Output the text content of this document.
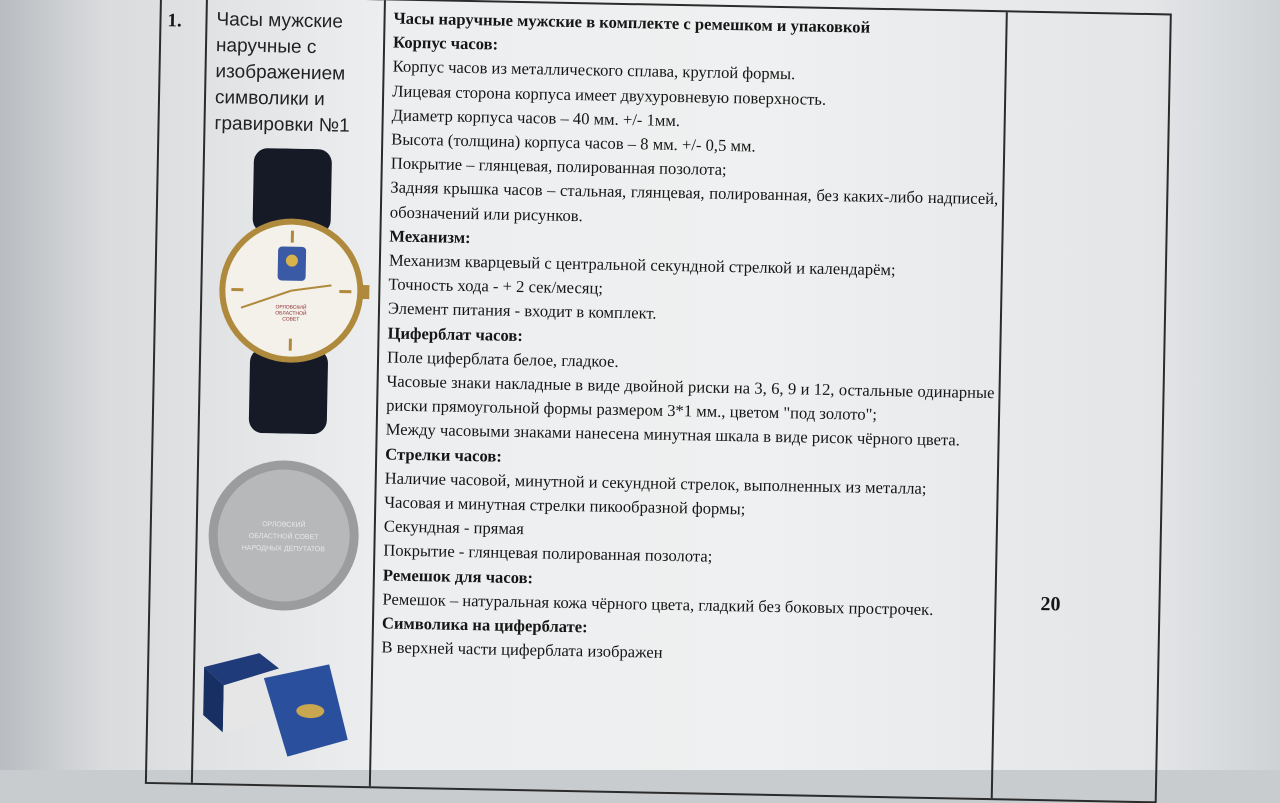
1.	Часы мужские наручные с изображением символики и гравировки №1
ОРЛОВСКИЙ
ОБЛАСТНОЙ
СОВЕТ
ОРЛОВСКИЙ
ОБЛАСТНОЙ СОВЕТ
НАРОДНЫХ ДЕПУТАТОВ
Часы наручные мужские в комплекте с ремешком и упаковкой
Корпус часов:
Корпус часов из металлического сплава, круглой формы.
Лицевая сторона корпуса имеет двухуровневую поверхность.
Диаметр корпуса часов – 40 мм. +/- 1мм.
Высота (толщина) корпуса часов – 8 мм. +/- 0,5 мм.
Покрытие – глянцевая, полированная позолота;
Задняя крышка часов – стальная, глянцевая, полированная, без каких-либо надписей, обозначений или рисунков.
Механизм:
Механизм кварцевый с центральной секундной стрелкой и календарём;
Точность хода - + 2 сек/месяц;
Элемент питания - входит в комплект.
Циферблат часов:
Поле циферблата белое, гладкое.
Часовые знаки накладные в виде двойной риски на 3, 6, 9 и 12, остальные одинарные риски прямоугольной формы размером 3*1 мм., цветом "под золото";
Между часовыми знаками нанесена минутная шкала в виде рисок чёрного цвета.
Стрелки часов:
Наличие часовой, минутной и секундной стрелок, выполненных из металла;
Часовая и минутная стрелки пикообразной формы;
Секундная - прямая
Покрытие - глянцевая полированная позолота;
Ремешок для часов:
Ремешок – натуральная кожа чёрного цвета, гладкий без боковых прострочек.
Символика на циферблате:
В верхней части циферблата изображен
20
